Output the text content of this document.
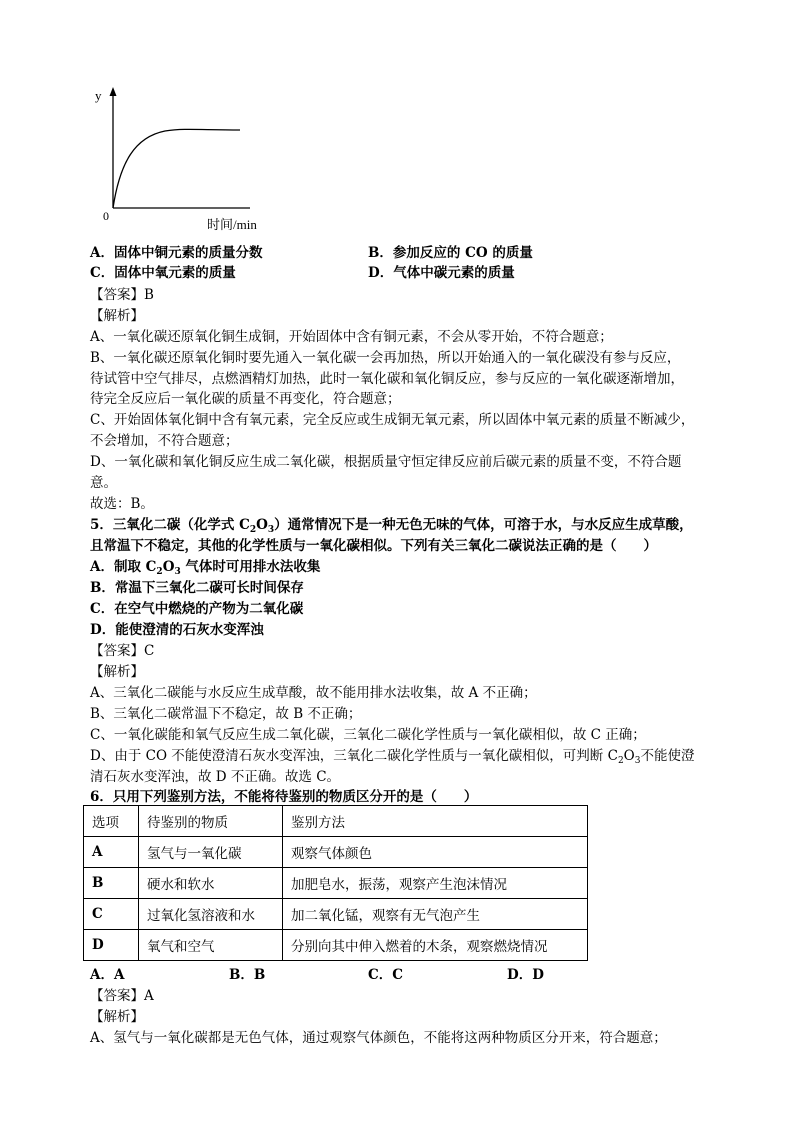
y
0
时间/min
A．固体中铜元素的质量分数	B．参加反应的 CO 的质量
C．固体中氧元素的质量	D．气体中碳元素的质量
【答案】B
【解析】
A、一氧化碳还原氧化铜生成铜，开始固体中含有铜元素，不会从零开始，不符合题意；
B、一氧化碳还原氧化铜时要先通入一氧化碳一会再加热，所以开始通入的一氧化碳没有参与反应，
待试管中空气排尽，点燃酒精灯加热，此时一氧化碳和氧化铜反应，参与反应的一氧化碳逐渐增加，
待完全反应后一氧化碳的质量不再变化，符合题意；
C、开始固体氧化铜中含有氧元素，完全反应或生成铜无氧元素，所以固体中氧元素的质量不断减少，
不会增加，不符合题意；
D、一氧化碳和氧化铜反应生成二氧化碳，根据质量守恒定律反应前后碳元素的质量不变，不符合题
意。
故选：B。
5．三氧化二碳（化学式 $C_2O_3$）通常情况下是一种无色无味的气体，可溶于水，与水反应生成草酸，
且常温下不稳定，其他的化学性质与一氧化碳相似。下列有关三氧化二碳说法正确的是（　　）
A．制取 $C_2O_3$ 气体时可用排水法收集
B．常温下三氧化二碳可长时间保存
C．在空气中燃烧的产物为二氧化碳
D．能使澄清的石灰水变浑浊
【答案】C
【解析】
A、三氧化二碳能与水反应生成草酸，故不能用排水法收集，故 A 不正确；
B、三氧化二碳常温下不稳定，故 B 不正确；
C、一氧化碳能和氧气反应生成二氧化碳，三氧化二碳化学性质与一氧化碳相似，故 C 正确；
D、由于 CO 不能使澄清石灰水变浑浊，三氧化二碳化学性质与一氧化碳相似，可判断 $C_2O_3$不能使澄
清石灰水变浑浊，故 D 不正确。故选 C。
6．只用下列鉴别方法，不能将待鉴别的物质区分开的是（　　）
选项	待鉴别的物质	鉴别方法
A	氢气与一氧化碳	观察气体颜色
B	硬水和软水	加肥皂水，振荡，观察产生泡沫情况
C	过氧化氢溶液和水	加二氧化锰，观察有无气泡产生
D	氧气和空气	分别向其中伸入燃着的木条，观察燃烧情况
A．A	B．B	C．C	D．D
【答案】A
【解析】
A、氢气与一氧化碳都是无色气体，通过观察气体颜色，不能将这两种物质区分开来，符合题意；
